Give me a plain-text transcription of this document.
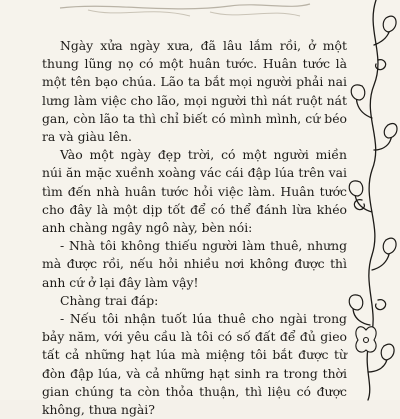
Ngày xửa ngày xưa, đã lâu lắm rồi, ở một thung lũng nọ có một huân tước. Huân tước là một tên bạo chúa. Lão ta bắt mọi người phải nai lưng làm việc cho lão, mọi người thì nát ruột nát gan, còn lão ta thì chỉ biết có mình mình, cứ béo ra và giàu lên.

Vào một ngày đẹp trời, có một người miền núi ăn mặc xuềnh xoàng vác cái đập lúa trên vai tìm đến nhà huân tước hỏi việc làm. Huân tước cho đây là một dịp tốt để có thể đánh lừa khéo anh chàng ngây ngô này, bèn nói:

- Nhà tôi không thiếu người làm thuê, nhưng mà được rồi, nếu hỏi nhiều nơi không được thì anh cứ ở lại đây làm vậy!

Chàng trai đáp:

- Nếu tôi nhận tuốt lúa thuê cho ngài trong bảy năm, với yêu cầu là tôi có số đất để đủ gieo tất cả những hạt lúa mà miệng tôi bắt được từ đòn đập lúa, và cả những hạt sinh ra trong thời gian chúng ta còn thỏa thuận, thì liệu có được không, thưa ngài?
